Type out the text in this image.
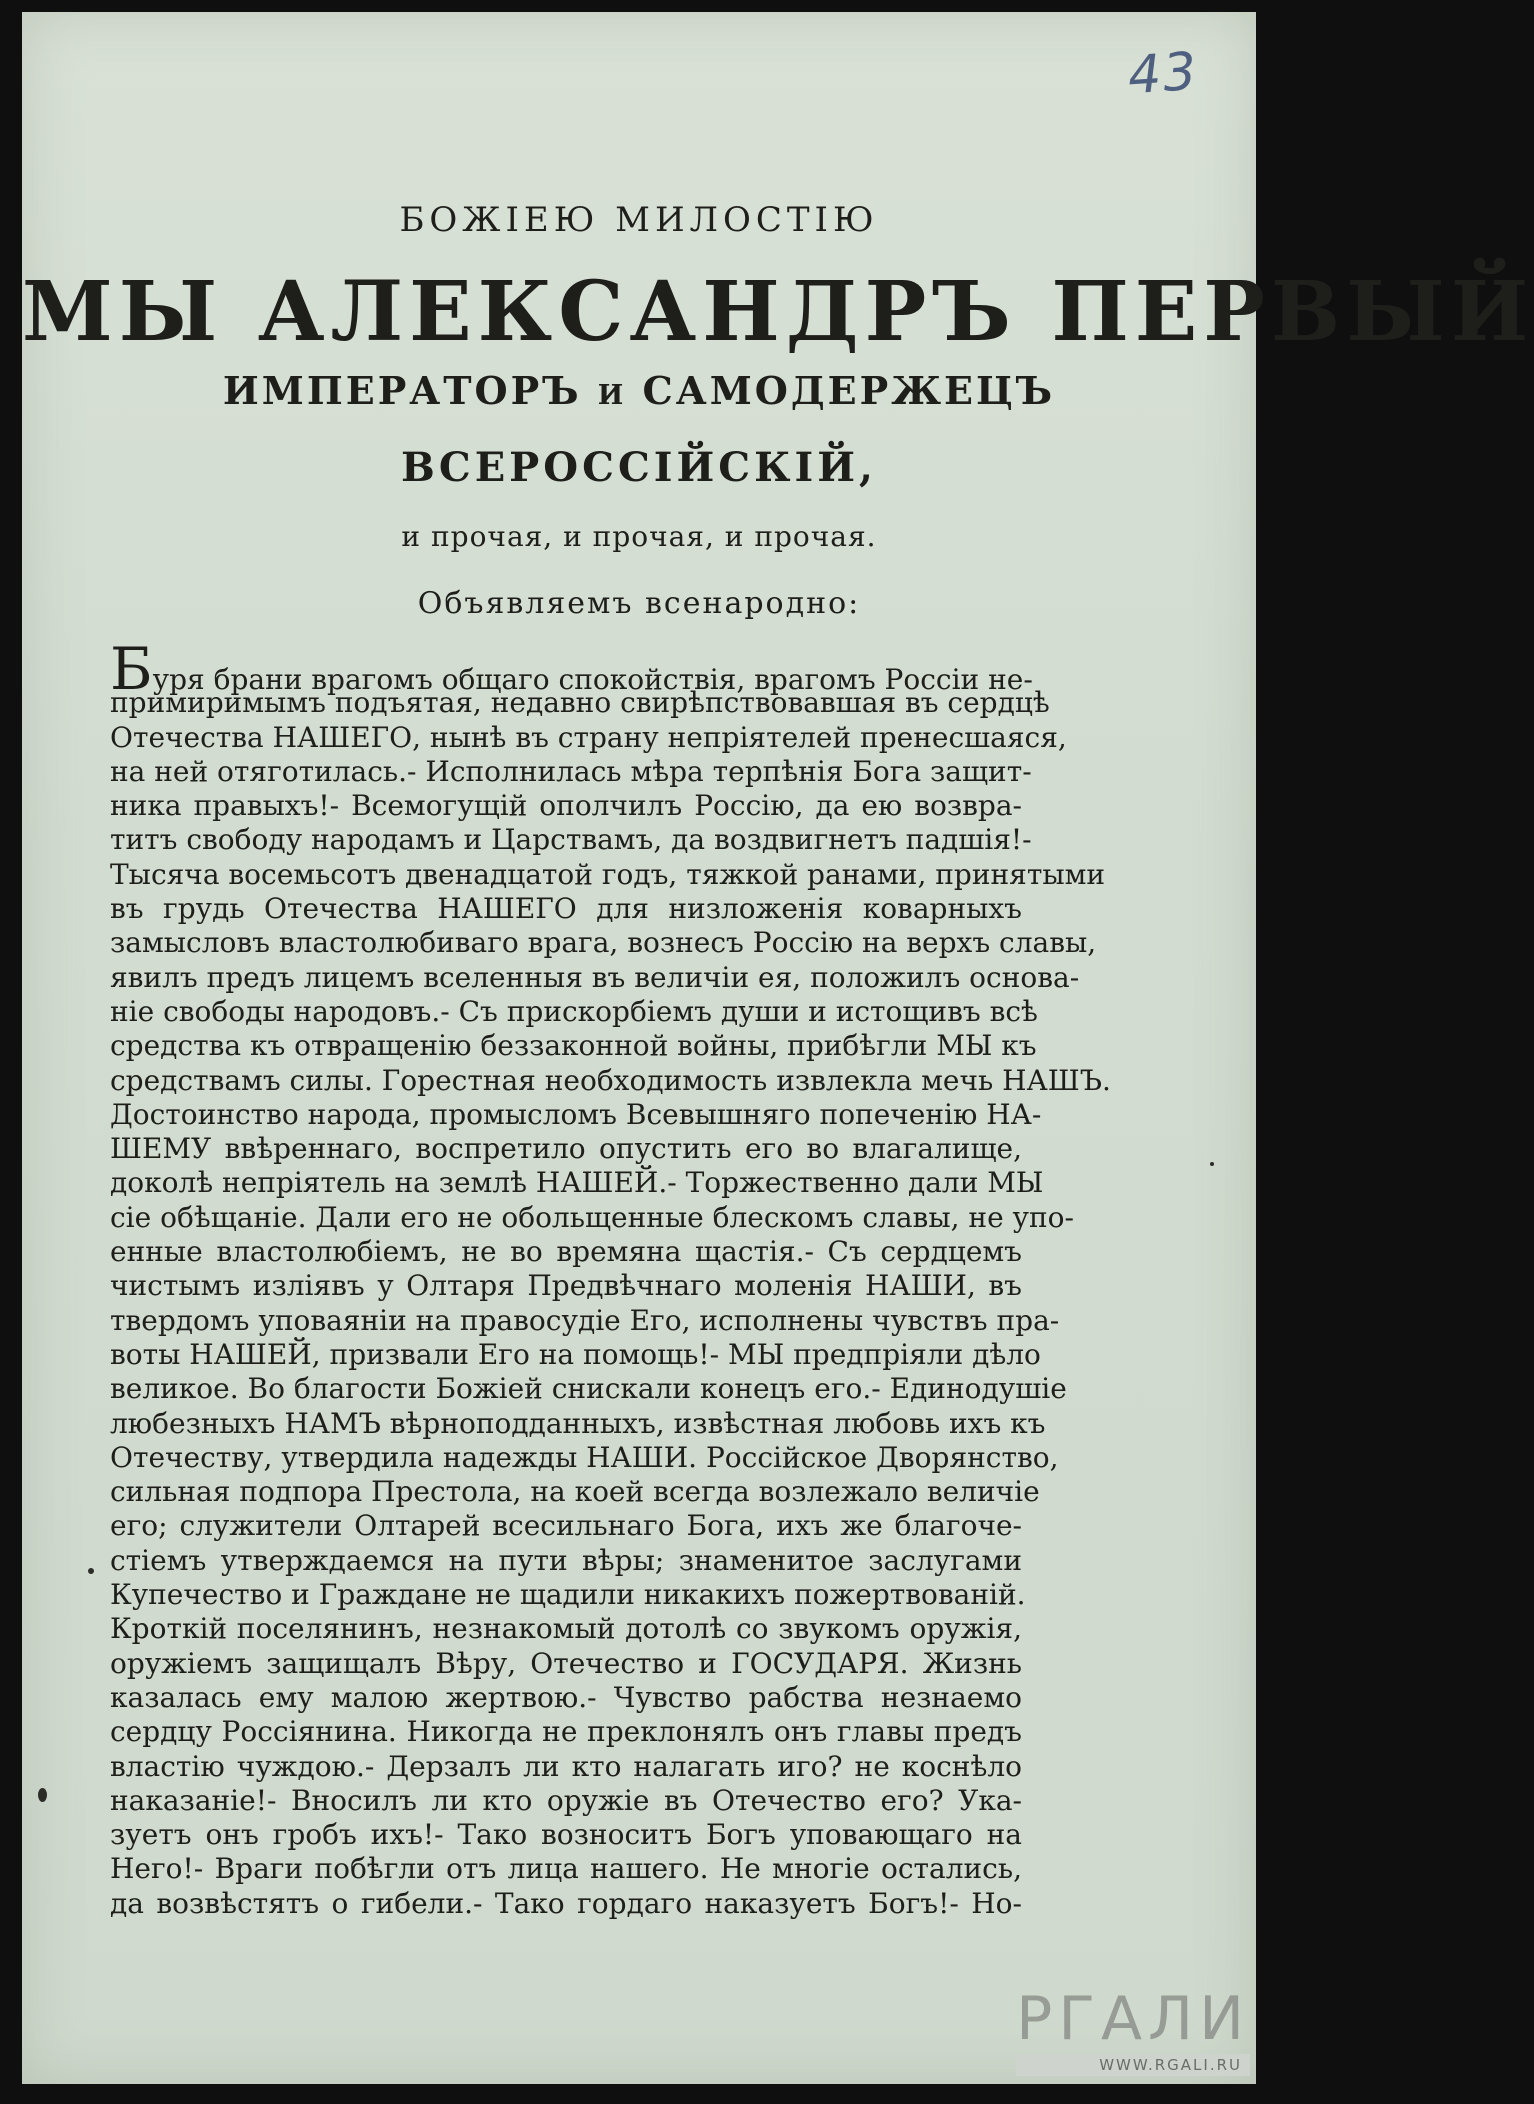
43
БОЖІЕЮ МИЛОСТІЮ
МЫ АЛЕКСАНДРЪ ПЕРВЫЙ
ИМПЕРАТОРЪ и САМОДЕРЖЕЦЪ
ВСЕРОССІЙСКІЙ,
и прочая, и прочая, и прочая.
Объявляемъ всенародно:
Буря брани врагомъ общаго спокойствія, врагомъ Россіи не-
примиримымъ подъятая, недавно свирѣпствовавшая въ сердцѣ
Отечества НАШЕГО, нынѣ въ страну непріятелей пренесшаяся,
на ней отяготилась.- Исполнилась мѣра терпѣнія Бога защит-
ника правыхъ!- Всемогущій ополчилъ Россію, да ею возвра-
титъ свободу народамъ и Царствамъ, да воздвигнетъ падшія!-
Тысяча восемьсотъ двенадцатой годъ, тяжкой ранами, принятыми
въ грудь Отечества НАШЕГО для низложенія коварныхъ
замысловъ властолюбиваго врага, вознесъ Россію на верхъ славы,
явилъ предъ лицемъ вселенныя въ величіи ея, положилъ основа-
ніе свободы народовъ.- Съ прискорбіемъ души и истощивъ всѣ
средства къ отвращенію беззаконной войны, прибѣгли МЫ къ
средствамъ силы. Горестная необходимость извлекла мечь НАШЪ.
Достоинство народа, промысломъ Всевышняго попеченію НА-
ШЕМУ ввѣреннаго, воспретило опустить его во влагалище,
доколѣ непріятель на землѣ НАШЕЙ.- Торжественно дали МЫ
сіе обѣщаніе. Дали его не обольщенные блескомъ славы, не упо-
енные властолюбіемъ, не во времяна щастія.- Съ сердцемъ
чистымъ изліявъ у Олтаря Предвѣчнаго моленія НАШИ, въ
твердомъ уповаяніи на правосудіе Его, исполнены чувствъ пра-
воты НАШЕЙ, призвали Его на помощь!- МЫ предпріяли дѣло
великое. Во благости Божіей снискали конецъ его.- Единодушіе
любезныхъ НАМЪ вѣрноподданныхъ, извѣстная любовь ихъ къ
Отечеству, утвердила надежды НАШИ. Россійское Дворянство,
сильная подпора Престола, на коей всегда возлежало величіе
его; служители Олтарей всесильнаго Бога, ихъ же благоче-
стіемъ утверждаемся на пути вѣры; знаменитое заслугами
Купечество и Граждане не щадили никакихъ пожертвованій.
Кроткій поселянинъ, незнакомый дотолѣ со звукомъ оружія,
оружіемъ защищалъ Вѣру, Отечество и ГОСУДАРЯ. Жизнь
казалась ему малою жертвою.- Чувство рабства незнаемо
сердцу Россіянина. Никогда не преклонялъ онъ главы предъ
властію чуждою.- Дерзалъ ли кто налагать иго? не коснѣло
наказаніе!- Вносилъ ли кто оружіе въ Отечество его? Ука-
зуетъ онъ гробъ ихъ!- Тако возноситъ Богъ уповающаго на
Него!- Враги побѣгли отъ лица нашего. Не многіе остались,
да возвѣстятъ о гибели.- Тако гордаго наказуетъ Богъ!- Но-
РГАЛИ
WWW.RGALI.RU
